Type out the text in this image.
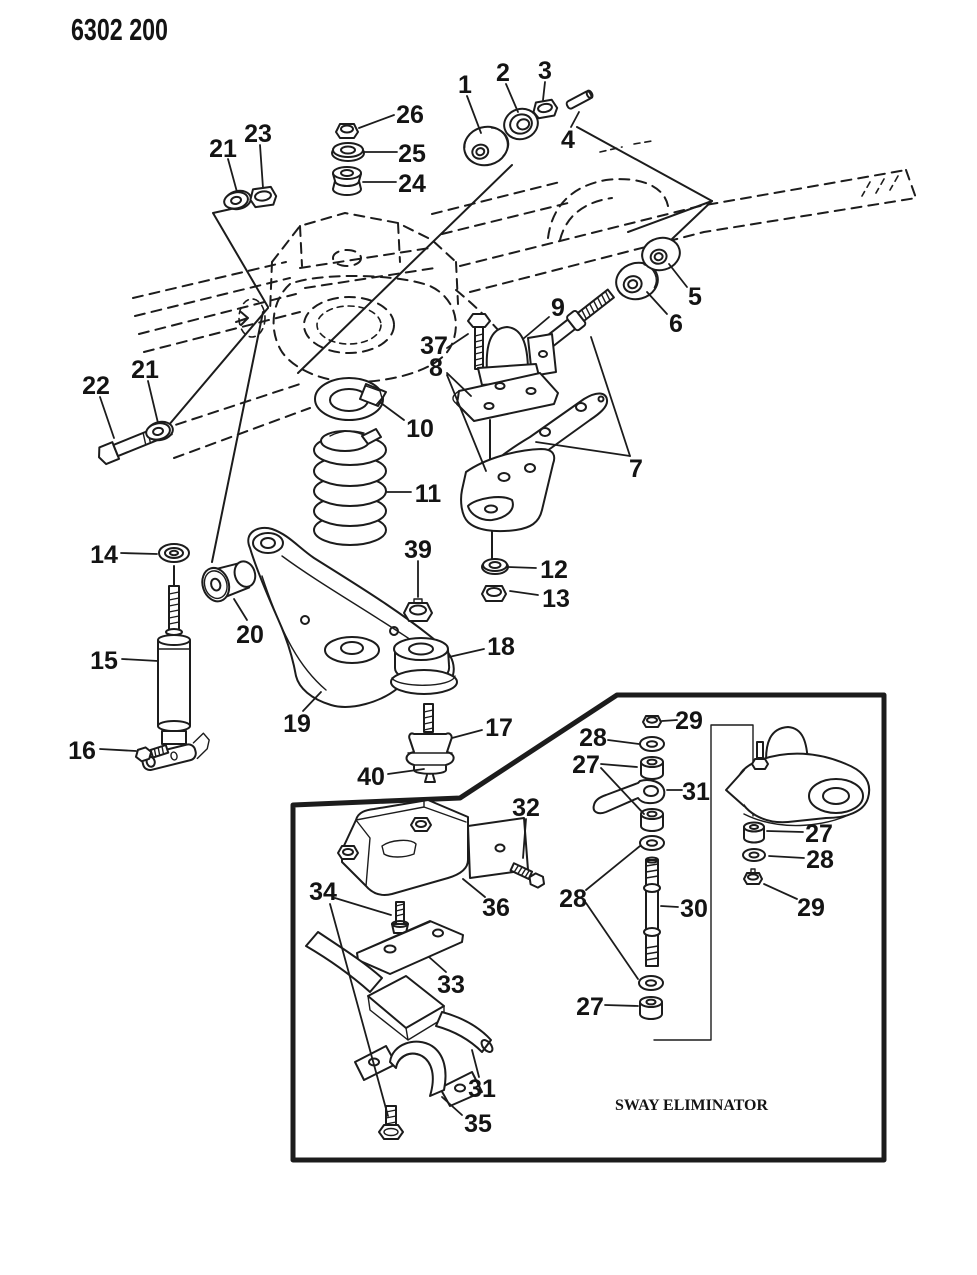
SWAY ELIMINATOR
1 2 3
4
5
6
7
8
9
10
11
12
13
14
15
16
17
18
19
20
21
23
22
21
24
25
26
37
39
40
29
28
27
31
28	30
27
32
36
34
33
31
35
27
28
29
6302 200
